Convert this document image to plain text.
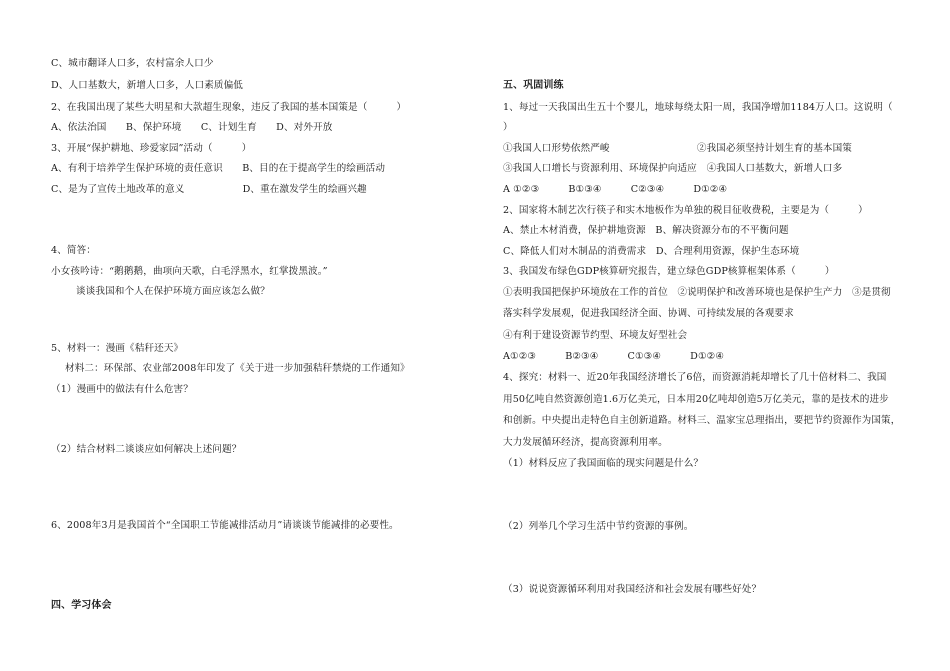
C、城市翻译人口多，农村富余人口少
D、人口基数大，新增人口多，人口素质偏低
2、在我国出现了某些大明星和大款超生现象，违反了我国的基本国策是（　　　）
A、依法治国　　B、保护环境　　C、计划生育　　D、对外开放
3、开展“保护耕地、珍爱家园”活动（　　　）
A、有利于培养学生保护环境的责任意识　　B、目的在于提高学生的绘画活动
C、是为了宣传土地改革的意义　　　　　　D、重在激发学生的绘画兴趣
4、简答：
小女孩吟诗：“鹅鹅鹅，曲项向天歌，白毛浮黑水，红掌拨黑波。”
谈谈我国和个人在保护环境方面应该怎么做？
5、材料一：漫画《秸秆还天》
材料二：环保部、农业部2008年印发了《关于进一步加强秸秆禁烧的工作通知》
（1）漫画中的做法有什么危害？
（2）结合材料二谈谈应如何解决上述问题？
6、2008年3月是我国首个“全国职工节能减排活动月”请谈谈节能减排的必要性。
四、学习体会
五、巩固训练
1、每过一天我国出生五十个婴儿，地球每绕太阳一周，我国净增加1184万人口。这说明（
）
①我国人口形势依然严峻　　　　　　　　　②我国必须坚持计划生育的基本国策
③我国人口增长与资源利用、环境保护向适应　④我国人口基数大，新增人口多
A ①②③　　　B①③④　　　C②③④　　　D①②④
2、国家将木制艺次行筷子和实木地板作为单独的税目征收费税，主要是为（　　　）
A、禁止木材消费，保护耕地资源　B、解决资源分布的不平衡问题
C、降低人们对木制品的消费需求　D、合理利用资源，保护生态环境
3、我国发布绿色GDP核算研究报告，建立绿色GDP核算框架体系（　　　）
①表明我国把保护环境放在工作的首位　②说明保护和改善环境也是保护生产力　③是贯彻
落实科学发展观，促进我国经济全面、协调、可持续发展的各观要求
④有利于建设资源节约型、环境友好型社会
A①②③　　　B②③④　　　C①③④　　　D①②④
4、探究：材料一、近20年我国经济增长了6倍，而资源消耗却增长了几十倍材料二、我国
用50亿吨自然资源创造1.6万亿美元，日本用20亿吨却创造5万亿美元，靠的是技术的进步
和创新。中央提出走特色自主创新道路。材料三、温家宝总理指出，要把节约资源作为国策，
大力发展循环经济，提高资源利用率。
（1）材料反应了我国面临的现实问题是什么？
（2）列举几个学习生活中节约资源的事例。
（3）说说资源循环利用对我国经济和社会发展有哪些好处？
